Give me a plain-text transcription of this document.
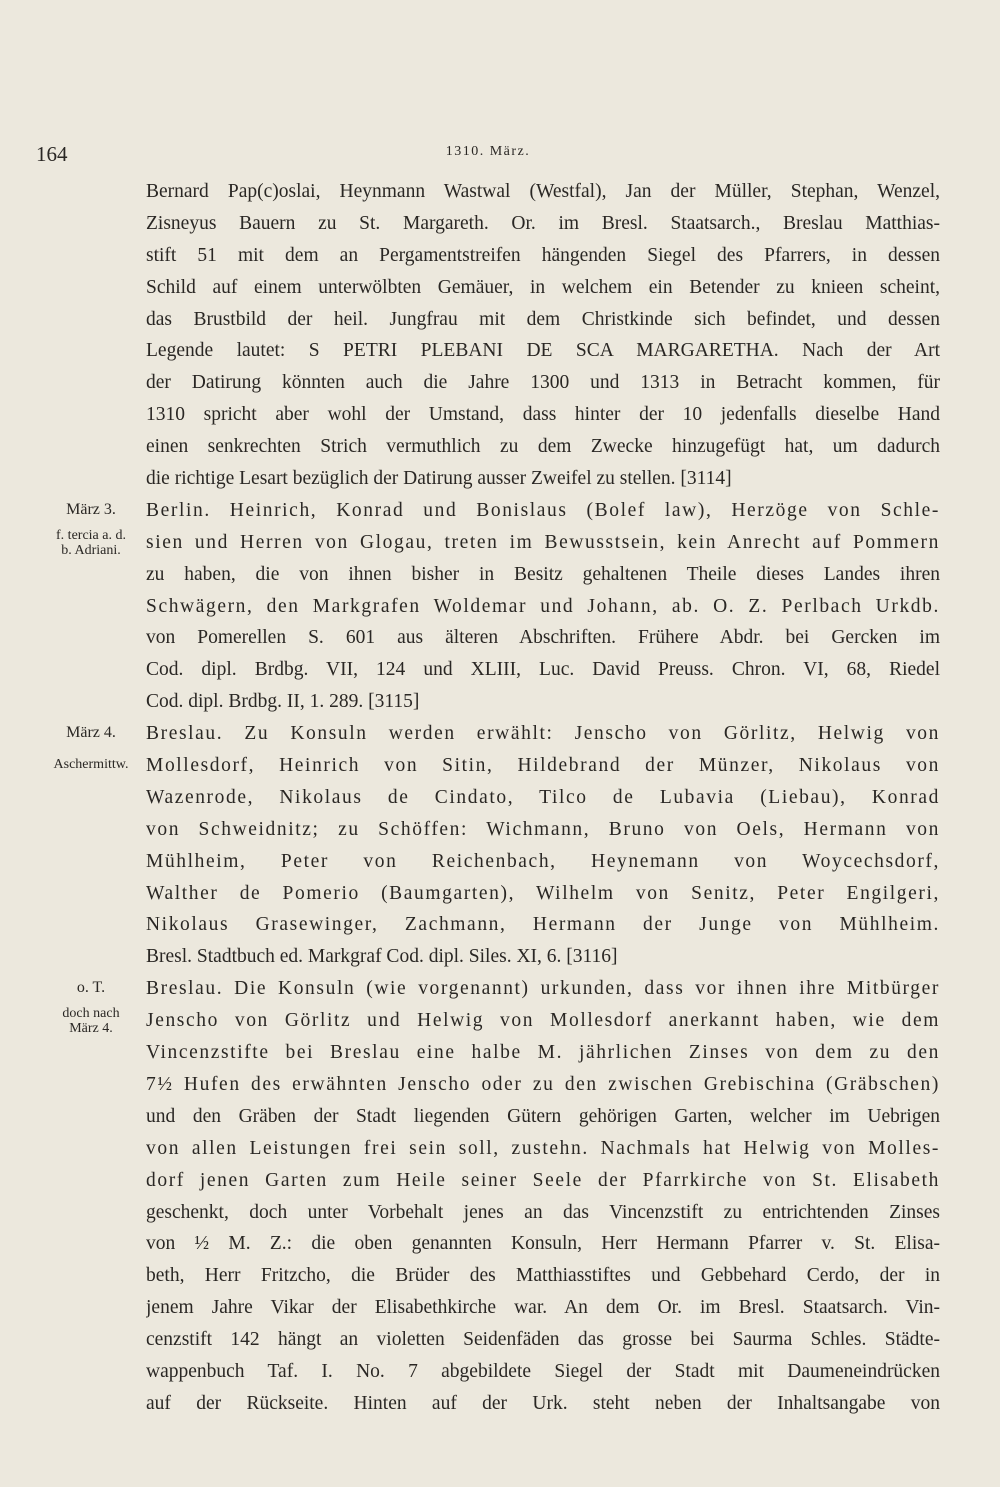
164	1310. März.
Bernard Pap(c)oslai, Heynmann Wastwal (Westfal), Jan der Müller, Stephan, Wenzel,
Zisneyus Bauern zu St. Margareth. Or. im Bresl. Staatsarch., Breslau Matthias-
stift 51 mit dem an Pergamentstreifen hängenden Siegel des Pfarrers, in dessen
Schild auf einem unterwölbten Gemäuer, in welchem ein Betender zu knieen scheint,
das Brustbild der heil. Jungfrau mit dem Christkinde sich befindet, und dessen
Legende lautet: S PETRI PLEBANI DE SCA MARGARETHA. Nach der Art
der Datirung könnten auch die Jahre 1300 und 1313 in Betracht kommen, für
1310 spricht aber wohl der Umstand, dass hinter der 10 jedenfalls dieselbe Hand
einen senkrechten Strich vermuthlich zu dem Zwecke hinzugefügt hat, um dadurch
die richtige Lesart bezüglich der Datirung ausser Zweifel zu stellen. [3114]
März 3.	Berlin. Heinrich, Konrad und Bonislaus (Bolef law), Herzöge von Schle-
f. tercia a. d.
b. Adriani.	sien und Herren von Glogau, treten im Bewusstsein, kein Anrecht auf Pommern
zu haben, die von ihnen bisher in Besitz gehaltenen Theile dieses Landes ihren
Schwägern, den Markgrafen Woldemar und Johann, ab. O. Z. Perlbach Urkdb.
von Pomerellen S. 601 aus älteren Abschriften. Frühere Abdr. bei Gercken im
Cod. dipl. Brdbg. VII, 124 und XLIII, Luc. David Preuss. Chron. VI, 68, Riedel
Cod. dipl. Brdbg. II, 1. 289. [3115]
März 4.	Breslau. Zu Konsuln werden erwählt: Jenscho von Görlitz, Helwig von
Aschermittw. Mollesdorf, Heinrich von Sitin, Hildebrand der Münzer, Nikolaus von
Wazenrode, Nikolaus de Cindato, Tilco de Lubavia (Liebau), Konrad
von Schweidnitz; zu Schöffen: Wichmann, Bruno von Oels, Hermann von
Mühlheim, Peter von Reichenbach, Heynemann von Woycechsdorf,
Walther de Pomerio (Baumgarten), Wilhelm von Senitz, Peter Engilgeri,
Nikolaus Grasewinger, Zachmann, Hermann der Junge von Mühlheim.
Bresl. Stadtbuch ed. Markgraf Cod. dipl. Siles. XI, 6. [3116]
o. T.	Breslau. Die Konsuln (wie vorgenannt) urkunden, dass vor ihnen ihre Mitbürger
doch nach
März 4.	Jenscho von Görlitz und Helwig von Mollesdorf anerkannt haben, wie dem
Vincenzstifte bei Breslau eine halbe M. jährlichen Zinses von dem zu den
7½ Hufen des erwähnten Jenscho oder zu den zwischen Grebischina (Gräbschen)
und den Gräben der Stadt liegenden Gütern gehörigen Garten, welcher im Uebrigen
von allen Leistungen frei sein soll, zustehn. Nachmals hat Helwig von Molles-
dorf jenen Garten zum Heile seiner Seele der Pfarrkirche von St. Elisabeth
geschenkt, doch unter Vorbehalt jenes an das Vincenzstift zu entrichtenden Zinses
von ½ M. Z.: die oben genannten Konsuln, Herr Hermann Pfarrer v. St. Elisa-
beth, Herr Fritzcho, die Brüder des Matthiasstiftes und Gebbehard Cerdo, der in
jenem Jahre Vikar der Elisabethkirche war. An dem Or. im Bresl. Staatsarch. Vin-
cenzstift 142 hängt an violetten Seidenfäden das grosse bei Saurma Schles. Städte-
wappenbuch Taf. I. No. 7 abgebildete Siegel der Stadt mit Daumeneindrücken
auf der Rückseite. Hinten auf der Urk. steht neben der Inhaltsangabe von
